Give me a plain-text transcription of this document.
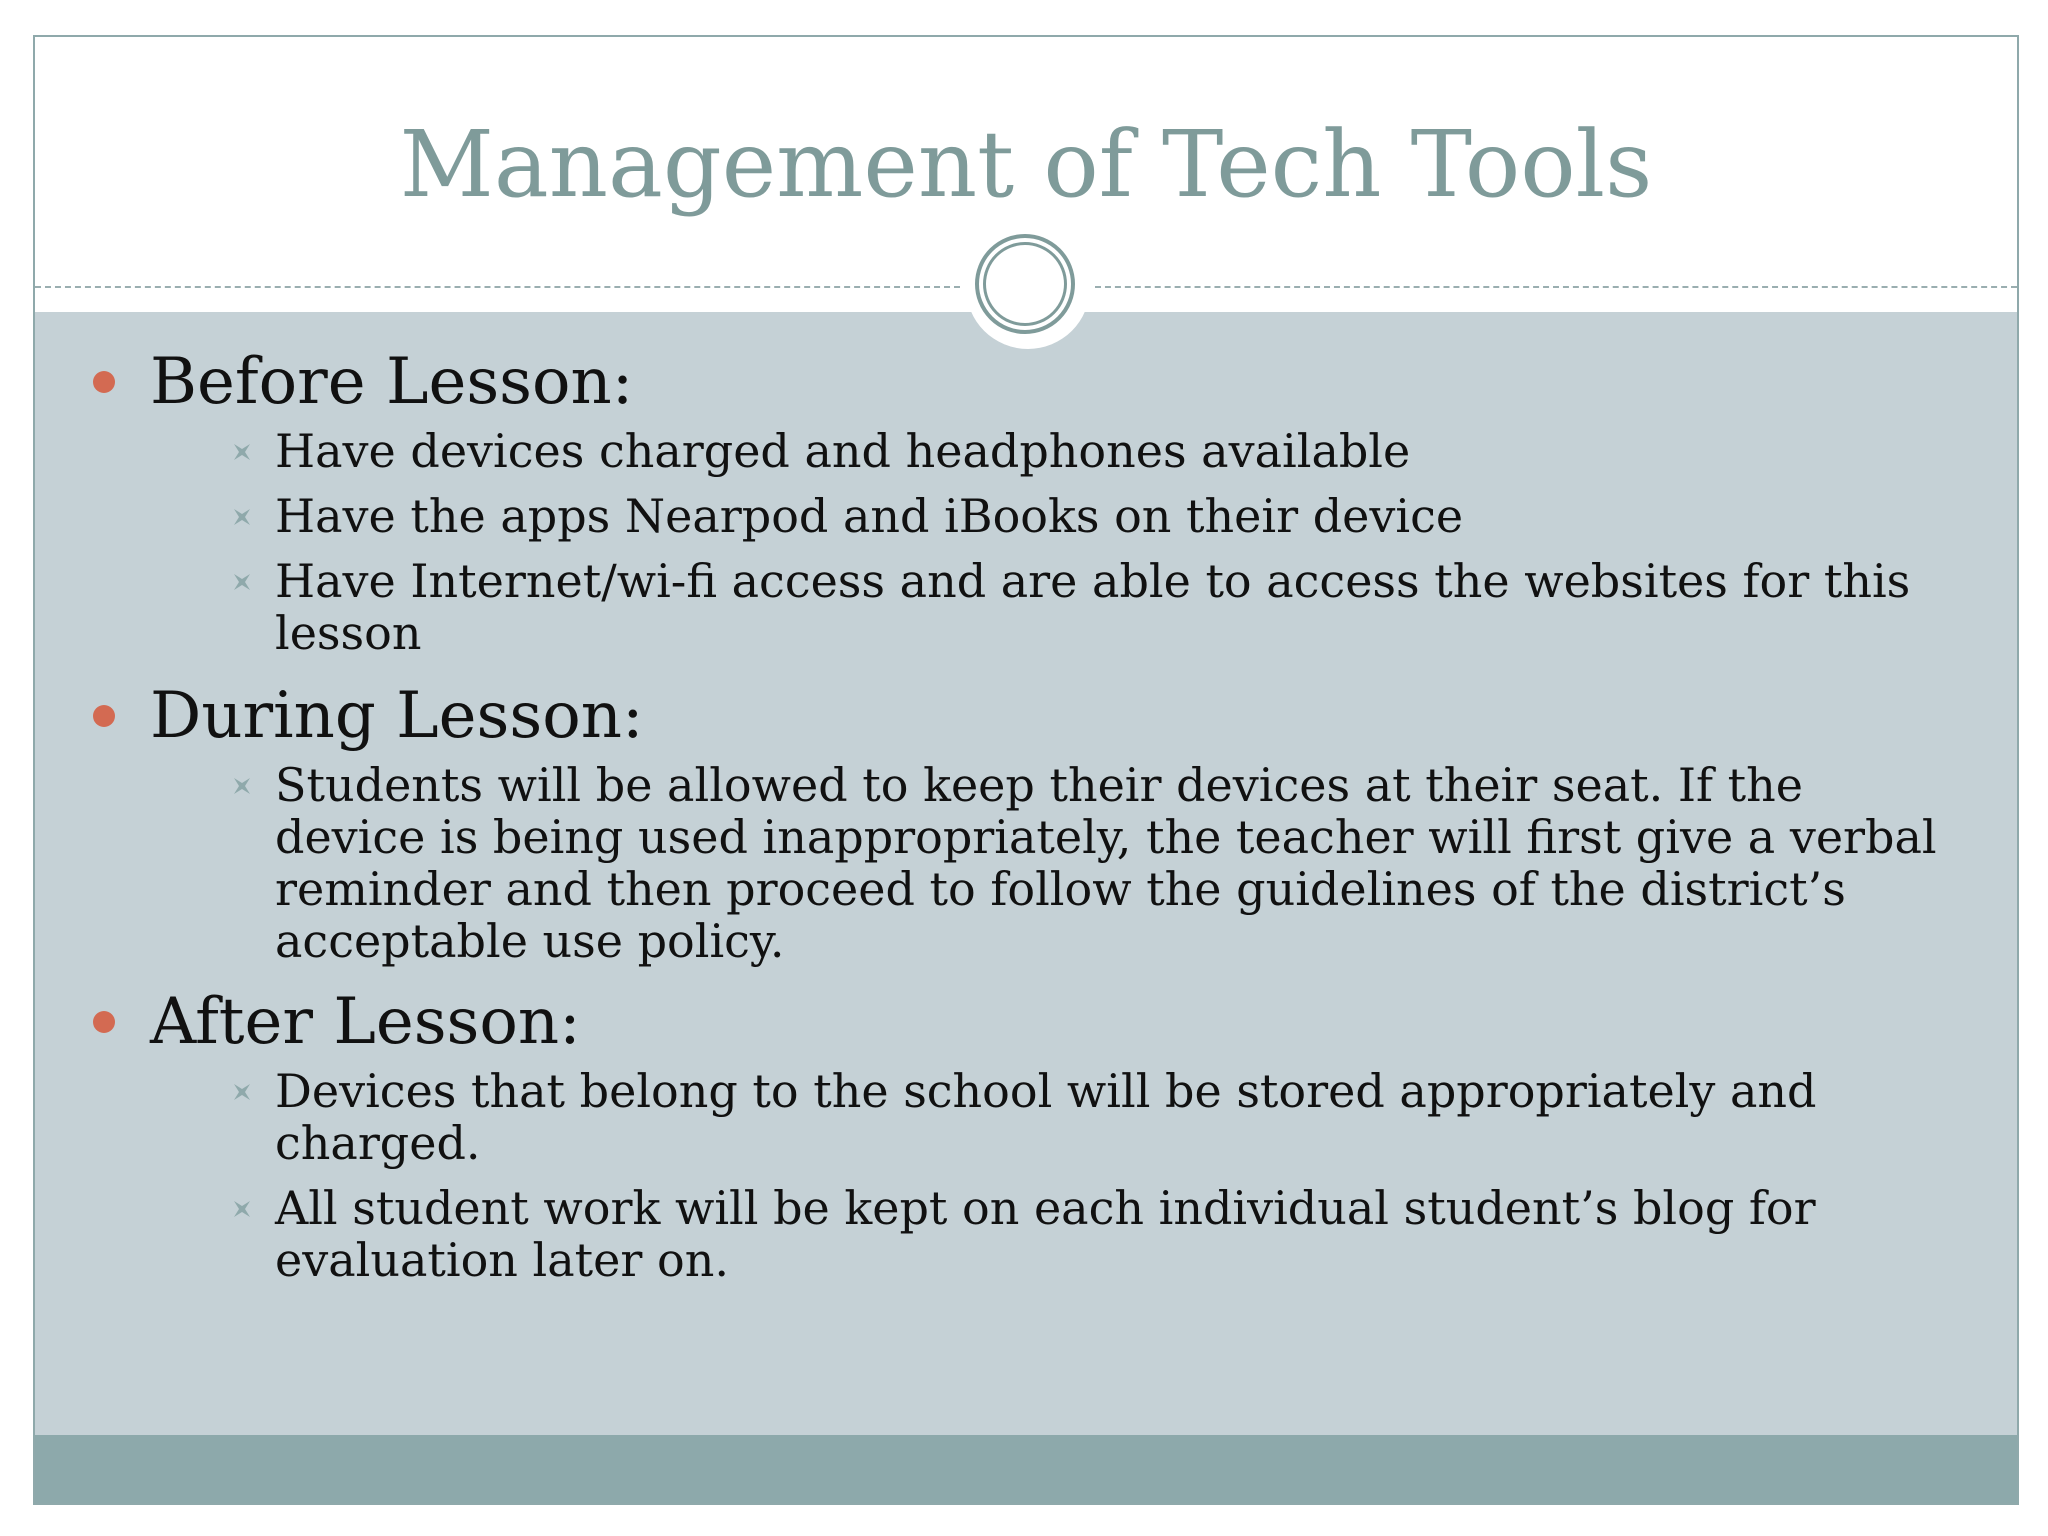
Management of Tech Tools
Before Lesson:
Have devices charged and headphones available
Have the apps Nearpod and iBooks on their device
Have Internet/wi-fi access and are able to access the websites for this lesson
During Lesson:
Students will be allowed to keep their devices at their seat. If the device is being used inappropriately, the teacher will first give a verbal reminder and then proceed to follow the guidelines of the district’s acceptable use policy.
After Lesson:
Devices that belong to the school will be stored appropriately and charged.
All student work will be kept on each individual student’s blog for evaluation later on.
